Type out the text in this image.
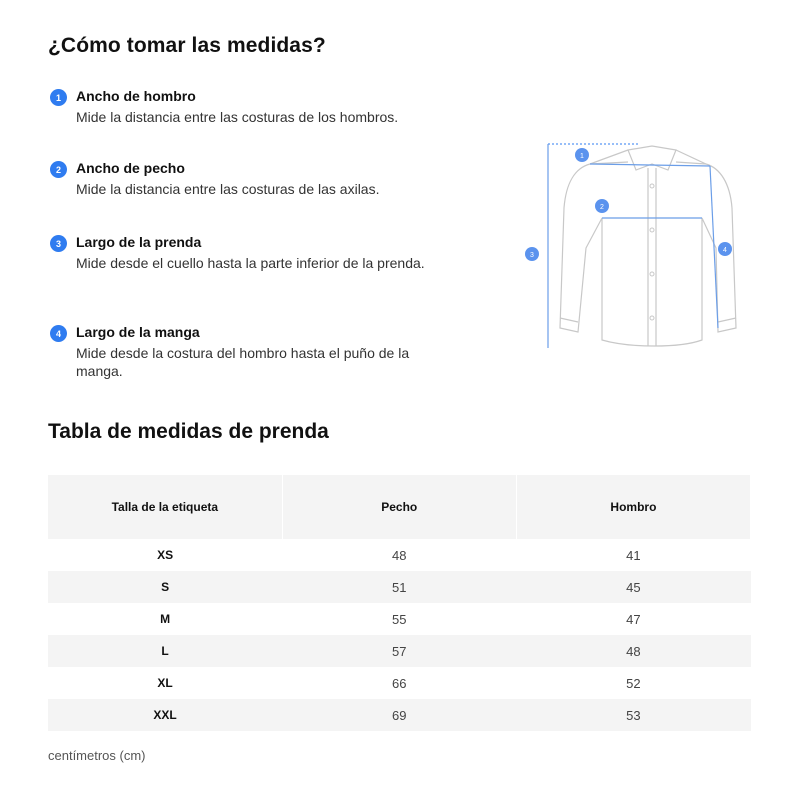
¿Cómo tomar las medidas?
1	Ancho de hombro
Mide la distancia entre las costuras de los hombros.
2	Ancho de pecho
Mide la distancia entre las costuras de las axilas.
3	Largo de la prenda
Mide desde el cuello hasta la parte inferior de la prenda.
4	Largo de la manga
Mide desde la costura del hombro hasta el puño de la manga.
1
2
3
4
Tabla de medidas de prenda
Talla de la etiqueta	Pecho	Hombro
XS	48	41
S	51	45
M	55	47
L	57	48
XL	66	52
XXL	69	53
centímetros (cm)
